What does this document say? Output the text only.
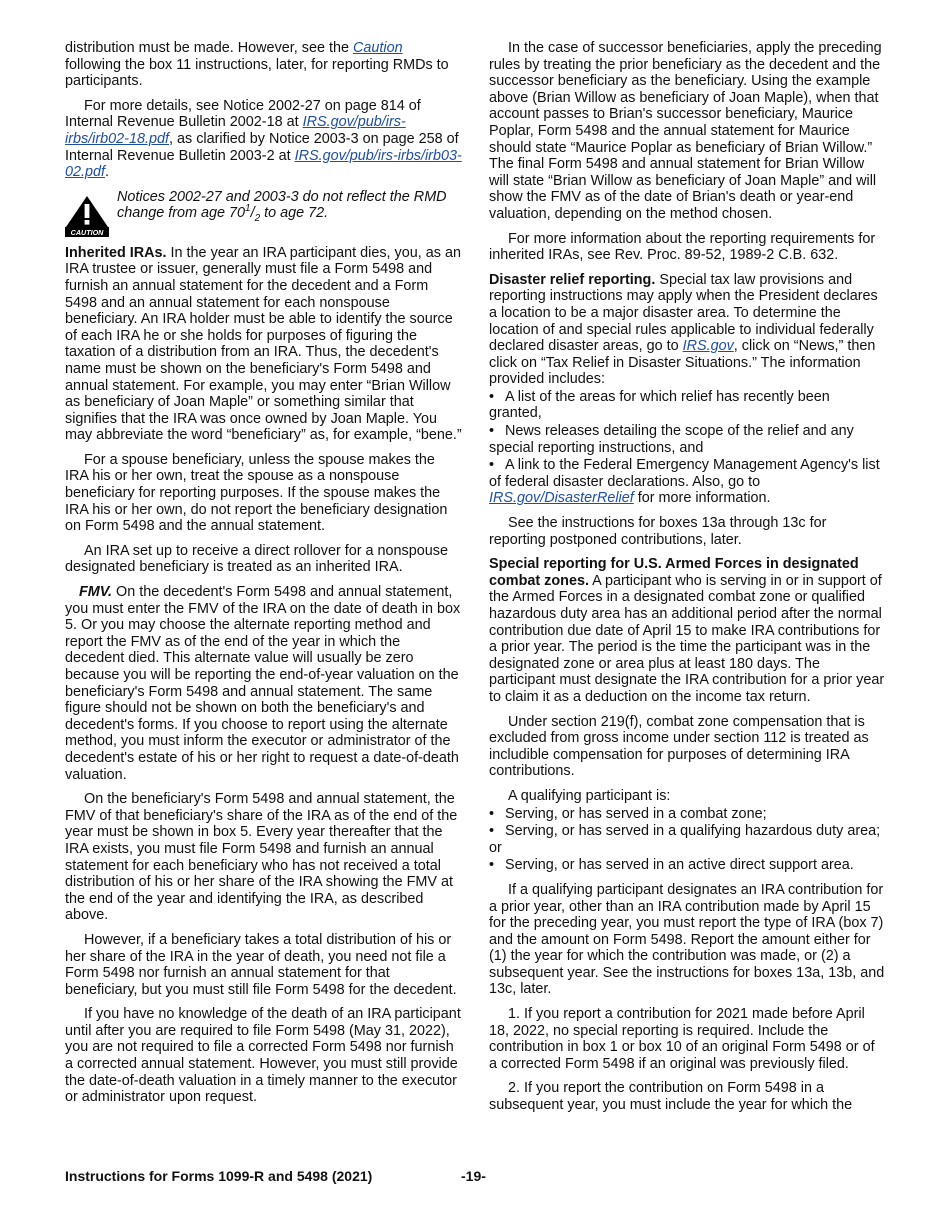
distribution must be made. However, see the Caution following the box 11 instructions, later, for reporting RMDs to participants.

For more details, see Notice 2002-27 on page 814 of Internal Revenue Bulletin 2002-18 at IRS.gov/pub/irs-irbs/irb02-18.pdf, as clarified by Notice 2003-3 on page 258 of Internal Revenue Bulletin 2003-2 at IRS.gov/pub/irs-irbs/irb03-02.pdf.

CAUTION
Notices 2002-27 and 2003-3 do not reflect the RMD change from age $70^1/_2$ to age 72.

Inherited IRAs. In the year an IRA participant dies, you, as an IRA trustee or issuer, generally must file a Form 5498 and furnish an annual statement for the decedent and a Form 5498 and an annual statement for each nonspouse beneficiary. An IRA holder must be able to identify the source of each IRA he or she holds for purposes of figuring the taxation of a distribution from an IRA. Thus, the decedent's name must be shown on the beneficiary's Form 5498 and annual statement. For example, you may enter “Brian Willow as beneficiary of Joan Maple” or something similar that signifies that the IRA was once owned by Joan Maple. You may abbreviate the word “beneficiary” as, for example, “bene.”

For a spouse beneficiary, unless the spouse makes the IRA his or her own, treat the spouse as a nonspouse beneficiary for reporting purposes. If the spouse makes the IRA his or her own, do not report the beneficiary designation on Form 5498 and the annual statement.

An IRA set up to receive a direct rollover for a nonspouse designated beneficiary is treated as an inherited IRA.

FMV. On the decedent's Form 5498 and annual statement, you must enter the FMV of the IRA on the date of death in box 5. Or you may choose the alternate reporting method and report the FMV as of the end of the year in which the decedent died. This alternate value will usually be zero because you will be reporting the end-of-year valuation on the beneficiary's Form 5498 and annual statement. The same figure should not be shown on both the beneficiary's and decedent's forms. If you choose to report using the alternate method, you must inform the executor or administrator of the decedent's estate of his or her right to request a date-of-death valuation.

On the beneficiary's Form 5498 and annual statement, the FMV of that beneficiary's share of the IRA as of the end of the year must be shown in box 5. Every year thereafter that the IRA exists, you must file Form 5498 and furnish an annual statement for each beneficiary who has not received a total distribution of his or her share of the IRA showing the FMV at the end of the year and identifying the IRA, as described above.

However, if a beneficiary takes a total distribution of his or her share of the IRA in the year of death, you need not file a Form 5498 nor furnish an annual statement for that beneficiary, but you must still file Form 5498 for the decedent.

If you have no knowledge of the death of an IRA participant until after you are required to file Form 5498 (May 31, 2022), you are not required to file a corrected Form 5498 nor furnish a corrected annual statement. However, you must still provide the date-of-death valuation in a timely manner to the executor or administrator upon request.

In the case of successor beneficiaries, apply the preceding rules by treating the prior beneficiary as the decedent and the successor beneficiary as the beneficiary. Using the example above (Brian Willow as beneficiary of Joan Maple), when that account passes to Brian's successor beneficiary, Maurice Poplar, Form 5498 and the annual statement for Maurice should state “Maurice Poplar as beneficiary of Brian Willow.” The final Form 5498 and annual statement for Brian Willow will state “Brian Willow as beneficiary of Joan Maple” and will show the FMV as of the date of Brian's death or year-end valuation, depending on the method chosen.

For more information about the reporting requirements for inherited IRAs, see Rev. Proc. 89-52, 1989-2 C.B. 632.

Disaster relief reporting. Special tax law provisions and reporting instructions may apply when the President declares a location to be a major disaster area. To determine the location of and special rules applicable to individual federally declared disaster areas, go to IRS.gov, click on “News,” then click on “Tax Relief in Disaster Situations.” The information provided includes:

• A list of the areas for which relief has recently been granted,
• News releases detailing the scope of the relief and any special reporting instructions, and
• A link to the Federal Emergency Management Agency's list of federal disaster declarations. Also, go to IRS.gov/DisasterRelief for more information.

See the instructions for boxes 13a through 13c for reporting postponed contributions, later.

Special reporting for U.S. Armed Forces in designated combat zones. A participant who is serving in or in support of the Armed Forces in a designated combat zone or qualified hazardous duty area has an additional period after the normal contribution due date of April 15 to make IRA contributions for a prior year. The period is the time the participant was in the designated zone or area plus at least 180 days. The participant must designate the IRA contribution for a prior year to claim it as a deduction on the income tax return.

Under section 219(f), combat zone compensation that is excluded from gross income under section 112 is treated as includible compensation for purposes of determining IRA contributions.

A qualifying participant is:

• Serving, or has served in a combat zone;
• Serving, or has served in a qualifying hazardous duty area; or
• Serving, or has served in an active direct support area.

If a qualifying participant designates an IRA contribution for a prior year, other than an IRA contribution made by April 15 for the preceding year, you must report the type of IRA (box 7) and the amount on Form 5498. Report the amount either for (1) the year for which the contribution was made, or (2) a subsequent year. See the instructions for boxes 13a, 13b, and 13c, later.

1. If you report a contribution for 2021 made before April 18, 2022, no special reporting is required. Include the contribution in box 1 or box 10 of an original Form 5498 or of a corrected Form 5498 if an original was previously filed.

2. If you report the contribution on Form 5498 in a subsequent year, you must include the year for which the

Instructions for Forms 1099-R and 5498 (2021)	-19-
